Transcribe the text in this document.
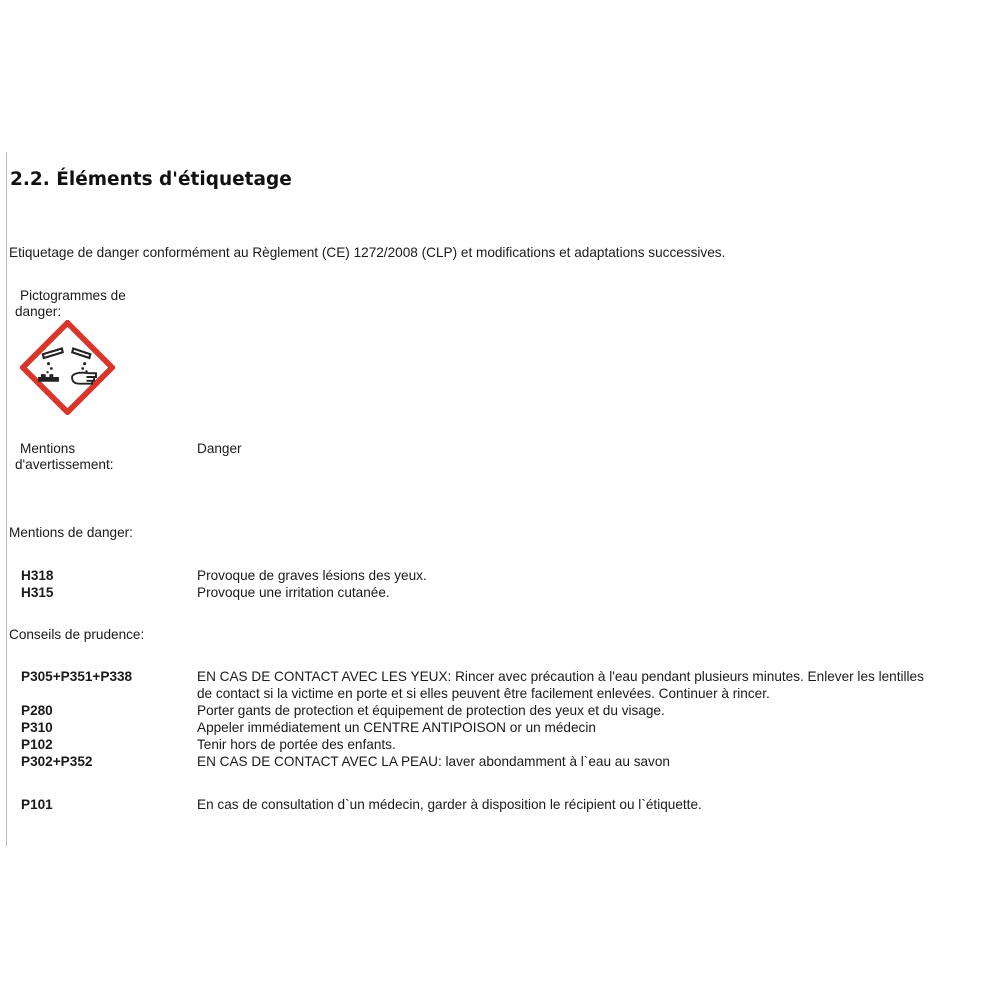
2.2. Éléments d'étiquetage
Etiquetage de danger conformément au Règlement (CE) 1272/2008 (CLP) et modifications et adaptations successives.
Pictogrammes de
danger:
Mentions
d'avertissement:
Danger
Mentions de danger:
H318	Provoque de graves lésions des yeux.
H315	Provoque une irritation cutanée.
Conseils de prudence:
P305+P351+P338	EN CAS DE CONTACT AVEC LES YEUX: Rincer avec précaution à l'eau pendant plusieurs minutes. Enlever les lentilles
de contact si la victime en porte et si elles peuvent être facilement enlevées. Continuer à rincer.
P280	Porter gants de protection et équipement de protection des yeux et du visage.
P310	Appeler immédiatement un CENTRE ANTIPOISON or un médecin
P102	Tenir hors de portée des enfants.
P302+P352	EN CAS DE CONTACT AVEC LA PEAU: laver abondamment à l`eau au savon
P101	En cas de consultation d`un médecin, garder à disposition le récipient ou l`étiquette.
